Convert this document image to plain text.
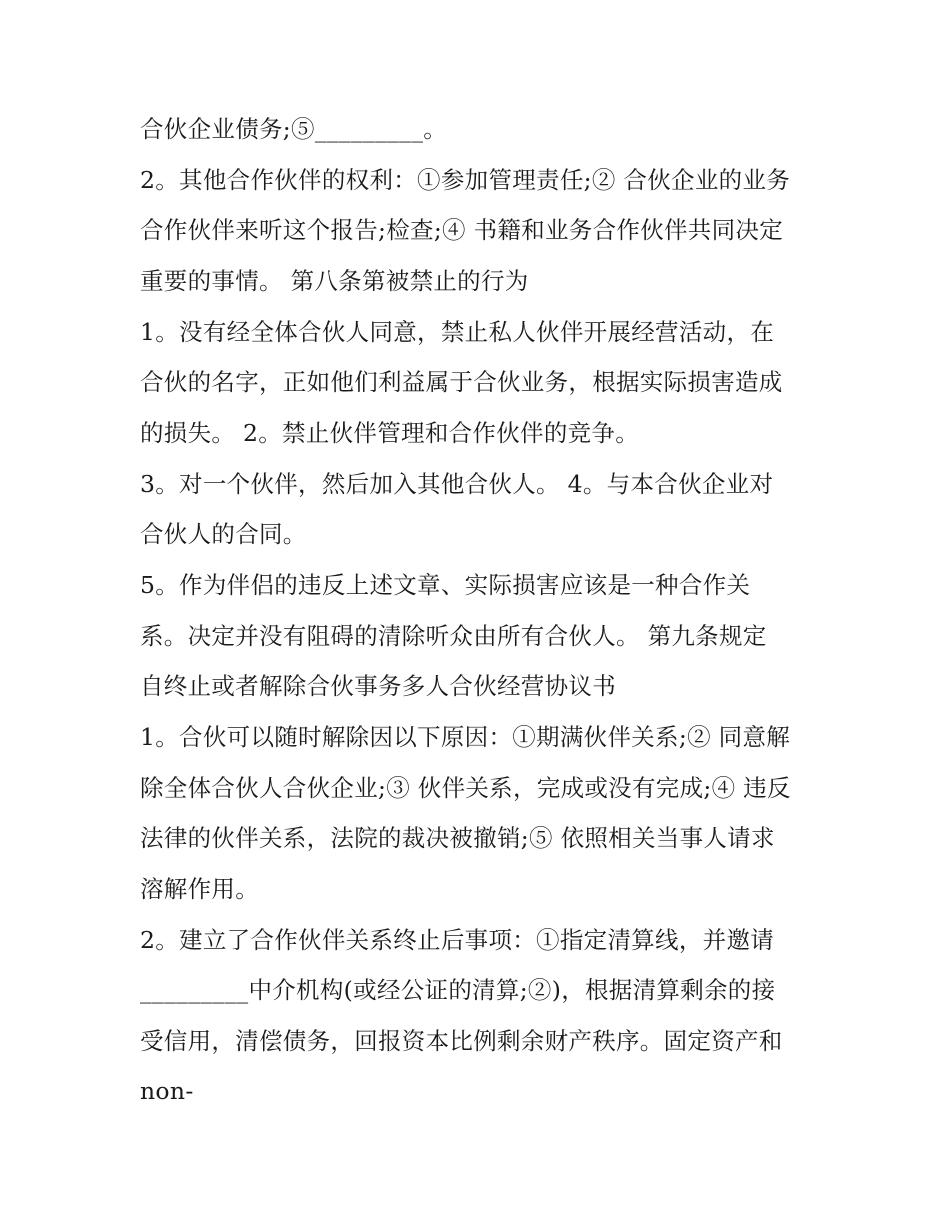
合伙企业债务;⑤_________。
2。其他合作伙伴的权利：①参加管理责任;② 合伙企业的业务
合作伙伴来听这个报告;检查;④ 书籍和业务合作伙伴共同决定
重要的事情。 第八条第被禁止的行为
1。没有经全体合伙人同意，禁止私人伙伴开展经营活动，在
合伙的名字，正如他们利益属于合伙业务，根据实际损害造成
的损失。 2。禁止伙伴管理和合作伙伴的竞争。
3。对一个伙伴，然后加入其他合伙人。 4。与本合伙企业对
合伙人的合同。
5。作为伴侣的违反上述文章、实际损害应该是一种合作关
系。决定并没有阻碍的清除听众由所有合伙人。 第九条规定
自终止或者解除合伙事务多人合伙经营协议书
1。合伙可以随时解除因以下原因：①期满伙伴关系;② 同意解
除全体合伙人合伙企业;③ 伙伴关系，完成或没有完成;④ 违反
法律的伙伴关系，法院的裁决被撤销;⑤ 依照相关当事人请求
溶解作用。
2。建立了合作伙伴关系终止后事项：①指定清算线，并邀请
_________中介机构(或经公证的清算;②)，根据清算剩余的接
受信用，清偿债务，回报资本比例剩余财产秩序。固定资产和
non-
